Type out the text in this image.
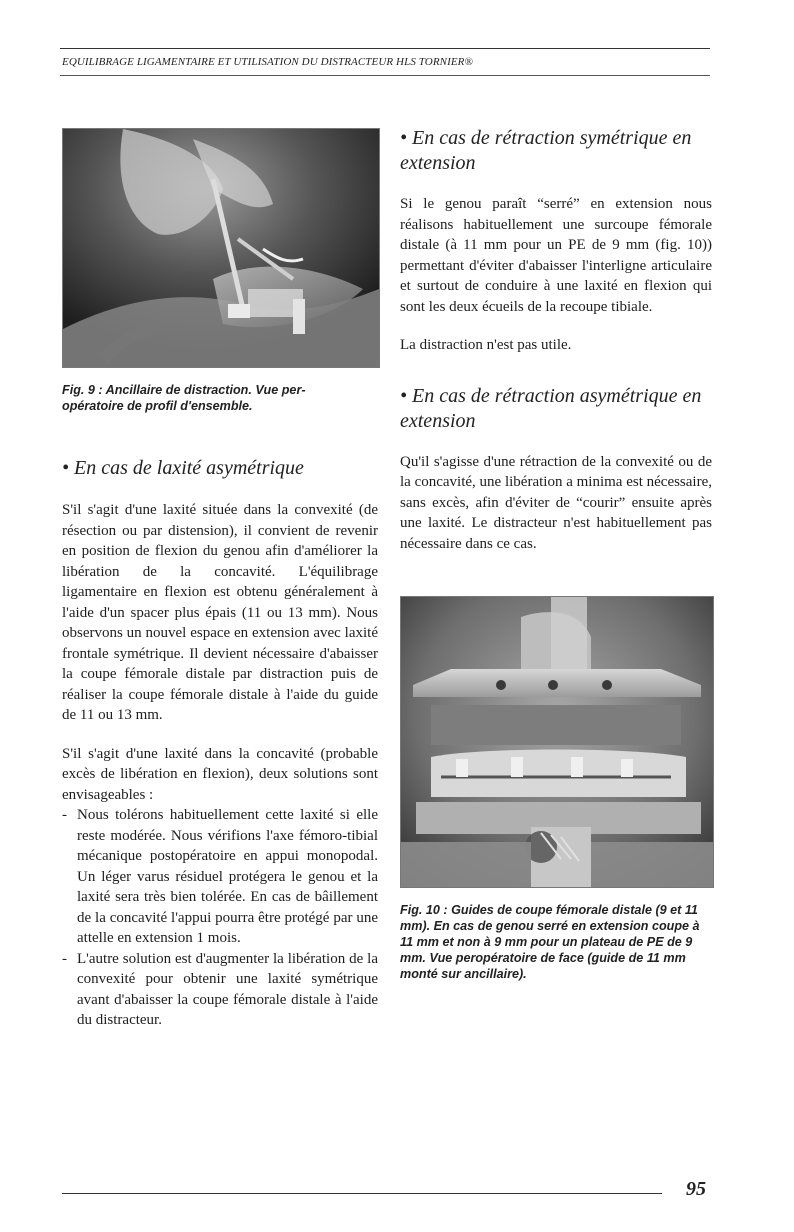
EQUILIBRAGE LIGAMENTAIRE ET UTILISATION DU DISTRACTEUR HLS TORNIER®
Fig. 9 : Ancillaire de distraction. Vue per-opératoire de profil d'ensemble.
• En cas de laxité asymétrique

S'il s'agit d'une laxité située dans la convexité (de résection ou par distension), il convient de revenir en position de flexion du genou afin d'améliorer la libération de la concavité. L'équilibrage ligamentaire en flexion est obtenu généralement à l'aide d'un spacer plus épais (11 ou 13 mm). Nous observons un nouvel espace en extension avec laxité frontale symétrique. Il devient nécessaire d'abaisser la coupe fémorale distale par distraction puis de réaliser la coupe fémorale distale à l'aide du guide de 11 ou 13 mm.

S'il s'agit d'une laxité dans la concavité (probable excès de libération en flexion), deux solutions sont envisageables :

- Nous tolérons habituellement cette laxité si elle reste modérée. Nous vérifions l'axe fémoro-tibial mécanique postopératoire en appui monopodal. Un léger varus résiduel protégera le genou et la laxité sera très bien tolérée. En cas de bâillement de la concavité l'appui pourra être protégé par une attelle en extension 1 mois.
- L'autre solution est d'augmenter la libération de la convexité pour obtenir une laxité symétrique avant d'abaisser la coupe fémorale distale à l'aide du distracteur.
• En cas de rétraction symétrique en extension

Si le genou paraît “serré” en extension nous réalisons habituellement une surcoupe fémorale distale (à 11 mm pour un PE de 9 mm (fig. 10)) permettant d'éviter d'abaisser l'interligne articulaire et surtout de conduire à une laxité en flexion qui sont les deux écueils de la recoupe tibiale.

La distraction n'est pas utile.

• En cas de rétraction asymétrique en extension

Qu'il s'agisse d'une rétraction de la convexité ou de la concavité, une libération a minima est nécessaire, sans excès, afin d'éviter de “courir” ensuite après une laxité. Le distracteur n'est habituellement pas nécessaire dans ce cas.

Fig. 10 : Guides de coupe fémorale distale (9 et 11 mm). En cas de genou serré en extension coupe à 11 mm et non à 9 mm pour un plateau de PE de 9 mm. Vue peropératoire de face (guide de 11 mm monté sur ancillaire).
95
